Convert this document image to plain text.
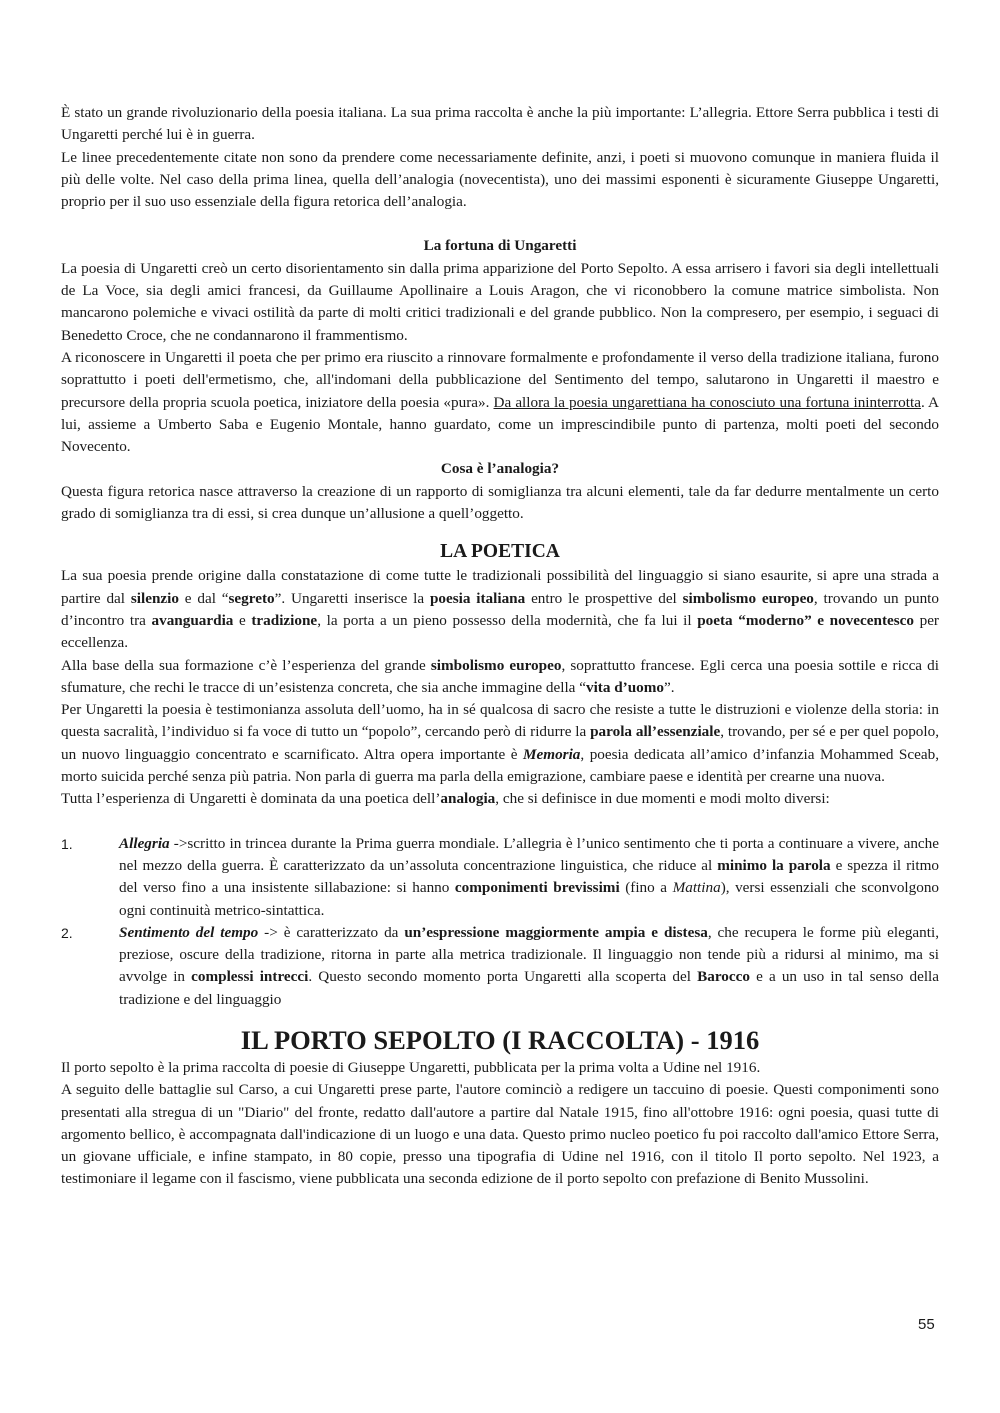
È stato un grande rivoluzionario della poesia italiana. La sua prima raccolta è anche la più importante: L’allegria. Ettore Serra pubblica i testi di Ungaretti perché lui è in guerra.

Le linee precedentemente citate non sono da prendere come necessariamente definite, anzi, i poeti si muovono comunque in maniera fluida il più delle volte. Nel caso della prima linea, quella dell’analogia (novecentista), uno dei massimi esponenti è sicuramente Giuseppe Ungaretti, proprio per il suo uso essenziale della figura retorica dell’analogia.

La fortuna di Ungaretti

La poesia di Ungaretti creò un certo disorientamento sin dalla prima apparizione del Porto Sepolto. A essa arrisero i favori sia degli intellettuali de La Voce, sia degli amici francesi, da Guillaume Apollinaire a Louis Aragon, che vi riconobbero la comune matrice simbolista. Non mancarono polemiche e vivaci ostilità da parte di molti critici tradizionali e del grande pubblico. Non la compresero, per esempio, i seguaci di Benedetto Croce, che ne condannarono il frammentismo.

A riconoscere in Ungaretti il poeta che per primo era riuscito a rinnovare formalmente e profondamente il verso della tradizione italiana, furono soprattutto i poeti dell'ermetismo, che, all'indomani della pubblicazione del Sentimento del tempo, salutarono in Ungaretti il maestro e precursore della propria scuola poetica, iniziatore della poesia «pura». Da allora la poesia ungarettiana ha conosciuto una fortuna ininterrotta. A lui, assieme a Umberto Saba e Eugenio Montale, hanno guardato, come un imprescindibile punto di partenza, molti poeti del secondo Novecento.

Cosa è l’analogia?

Questa figura retorica nasce attraverso la creazione di un rapporto di somiglianza tra alcuni elementi, tale da far dedurre mentalmente un certo grado di somiglianza tra di essi, si crea dunque un’allusione a quell’oggetto.

LA POETICA

La sua poesia prende origine dalla constatazione di come tutte le tradizionali possibilità del linguaggio si siano esaurite, si apre una strada a partire dal silenzio e dal “segreto”. Ungaretti inserisce la poesia italiana entro le prospettive del simbolismo europeo, trovando un punto d’incontro tra avanguardia e tradizione, la porta a un pieno possesso della modernità, che fa lui il poeta “moderno” e novecentesco per eccellenza.

Alla base della sua formazione c’è l’esperienza del grande simbolismo europeo, soprattutto francese. Egli cerca una poesia sottile e ricca di sfumature, che rechi le tracce di un’esistenza concreta, che sia anche immagine della “vita d’uomo”.

Per Ungaretti la poesia è testimonianza assoluta dell’uomo, ha in sé qualcosa di sacro che resiste a tutte le distruzioni e violenze della storia: in questa sacralità, l’individuo si fa voce di tutto un “popolo”, cercando però di ridurre la parola all’essenziale, trovando, per sé e per quel popolo, un nuovo linguaggio concentrato e scarnificato. Altra opera importante è Memoria, poesia dedicata all’amico d’infanzia Mohammed Sceab, morto suicida perché senza più patria. Non parla di guerra ma parla della emigrazione, cambiare paese e identità per crearne una nuova.

Tutta l’esperienza di Ungaretti è dominata da una poetica dell’analogia, che si definisce in due momenti e modi molto diversi:

1.	Allegria ->scritto in trincea durante la Prima guerra mondiale. L’allegria è l’unico sentimento che ti porta a continuare a vivere, anche nel mezzo della guerra. È caratterizzato da un’assoluta concentrazione linguistica, che riduce al minimo la parola e spezza il ritmo del verso fino a una insistente sillabazione: si hanno componimenti brevissimi (fino a Mattina), versi essenziali che sconvolgono ogni continuità metrico-sintattica.

2.	Sentimento del tempo -> è caratterizzato da un’espressione maggiormente ampia e distesa, che recupera le forme più eleganti, preziose, oscure della tradizione, ritorna in parte alla metrica tradizionale. Il linguaggio non tende più a ridursi al minimo, ma si avvolge in complessi intrecci. Questo secondo momento porta Ungaretti alla scoperta del Barocco e a un uso in tal senso della tradizione e del linguaggio

IL PORTO SEPOLTO (I RACCOLTA) - 1916

Il porto sepolto è la prima raccolta di poesie di Giuseppe Ungaretti, pubblicata per la prima volta a Udine nel 1916.

A seguito delle battaglie sul Carso, a cui Ungaretti prese parte, l'autore cominciò a redigere un taccuino di poesie. Questi componimenti sono presentati alla stregua di un "Diario" del fronte, redatto dall'autore a partire dal Natale 1915, fino all'ottobre 1916: ogni poesia, quasi tutte di argomento bellico, è accompagnata dall'indicazione di un luogo e una data. Questo primo nucleo poetico fu poi raccolto dall'amico Ettore Serra, un giovane ufficiale, e infine stampato, in 80 copie, presso una tipografia di Udine nel 1916, con il titolo Il porto sepolto. Nel 1923, a testimoniare il legame con il fascismo, viene pubblicata una seconda edizione de il porto sepolto con prefazione di Benito Mussolini.

55
